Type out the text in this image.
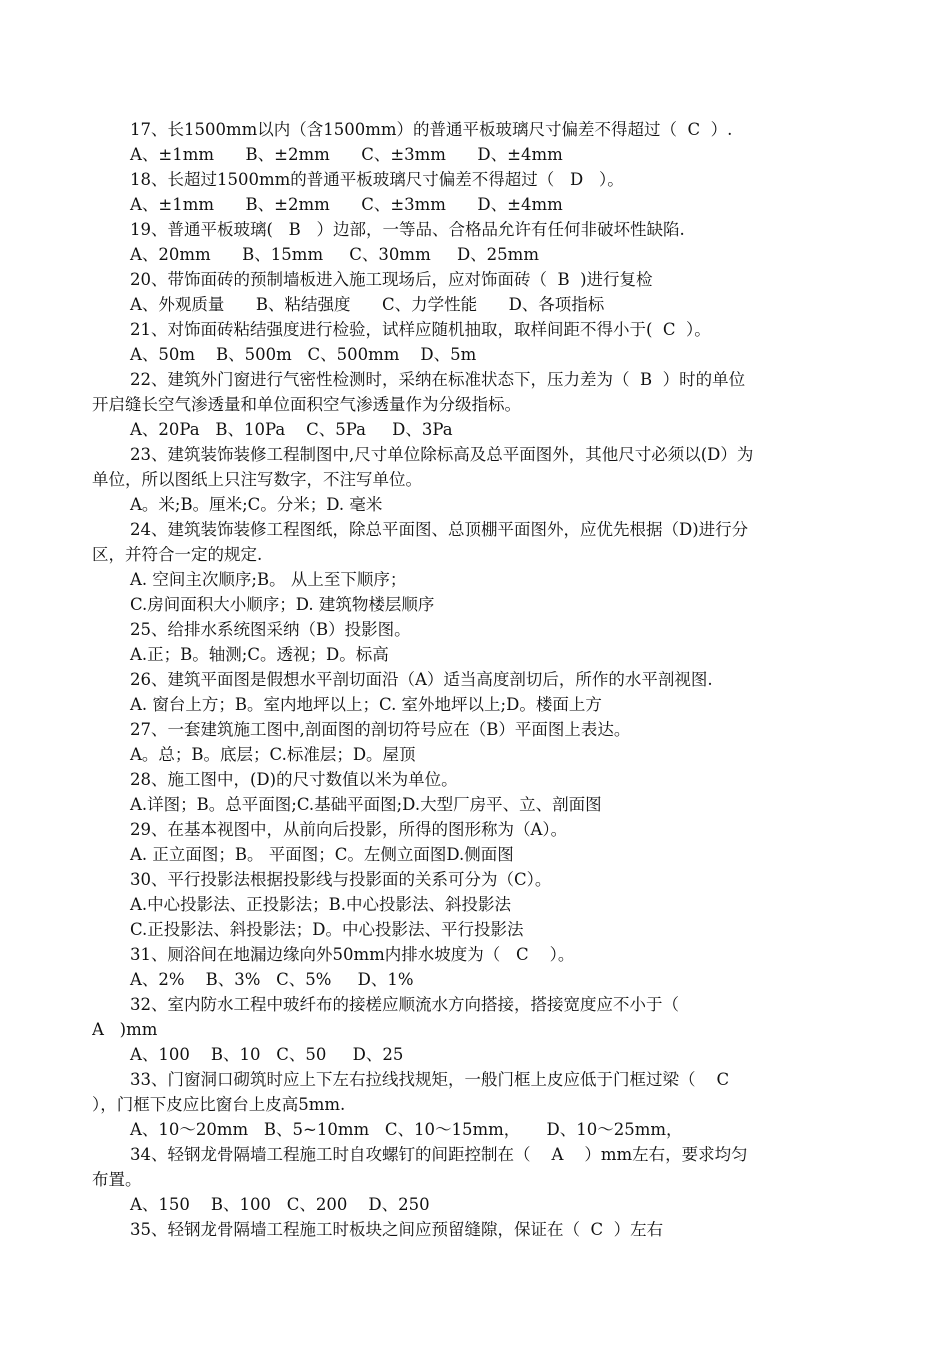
17、长1500mm以内（含1500mm）的普通平板玻璃尺寸偏差不得超过（  C  ）.
A、±1mm      B、±2mm      C、±3mm      D、±4mm
18、长超过1500mm的普通平板玻璃尺寸偏差不得超过（   D   ）。
A、±1mm      B、±2mm      C、±3mm      D、±4mm
19、普通平板玻璃(   B   ）边部，一等品、合格品允许有任何非破坏性缺陷.
A、20mm      B、15mm     C、30mm     D、25mm
20、带饰面砖的预制墙板进入施工现场后，应对饰面砖（  B  )进行复检
A、外观质量      B、粘结强度      C、力学性能      D、各项指标
21、对饰面砖粘结强度进行检验，试样应随机抽取，取样间距不得小于(  C  ）。
A、50m    B、500m   C、500mm    D、5m
22、建筑外门窗进行气密性检测时，采纳在标准状态下，压力差为（  B  ）时的单位
开启缝长空气渗透量和单位面积空气渗透量作为分级指标。
A、20Pa   B、10Pa    C、5Pa     D、3Pa
23、建筑装饰装修工程制图中,尺寸单位除标高及总平面图外，其他尺寸必须以(D）为
单位，所以图纸上只注写数字，不注写单位。
A。米;B。厘米;C。分米；D. 毫米
24、建筑装饰装修工程图纸，除总平面图、总顶棚平面图外，应优先根据（D)进行分
区，并符合一定的规定.
A. 空间主次顺序;B。 从上至下顺序；
C.房间面积大小顺序；D. 建筑物楼层顺序
25、给排水系统图采纳（B）投影图。
A.正；B。轴测;C。透视；D。标高
26、建筑平面图是假想水平剖切面沿（A）适当高度剖切后，所作的水平剖视图.
A. 窗台上方；B。室内地坪以上；C. 室外地坪以上;D。楼面上方
27、一套建筑施工图中,剖面图的剖切符号应在（B）平面图上表达。
A。总；B。底层；C.标准层；D。屋顶
28、施工图中，(D)的尺寸数值以米为单位。
A.详图；B。总平面图;C.基础平面图;D.大型厂房平、立、剖面图
29、在基本视图中，从前向后投影，所得的图形称为（A）。
A. 正立面图；B。 平面图；C。左侧立面图D.侧面图
30、平行投影法根据投影线与投影面的关系可分为（C）。
A.中心投影法、正投影法；B.中心投影法、斜投影法
C.正投影法、斜投影法；D。中心投影法、平行投影法
31、厕浴间在地漏边缘向外50mm内排水坡度为（   C    ）。
A、2%    B、3%   C、5%     D、1%
32、室内防水工程中玻纤布的接槎应顺流水方向搭接，搭接宽度应不小于（
A   )mm
A、100    B、10   C、50     D、25
33、门窗洞口砌筑时应上下左右拉线找规矩，一般门框上皮应低于门框过梁（    C
），门框下皮应比窗台上皮高5mm.
A、10～20mm   B、5~10mm   C、10～15mm，     D、10～25mm，
34、轻钢龙骨隔墙工程施工时自攻螺钉的间距控制在（    A    ）mm左右，要求均匀
布置。
A、150    B、100   C、200    D、250
35、轻钢龙骨隔墙工程施工时板块之间应预留缝隙，保证在（  C  ）左右
